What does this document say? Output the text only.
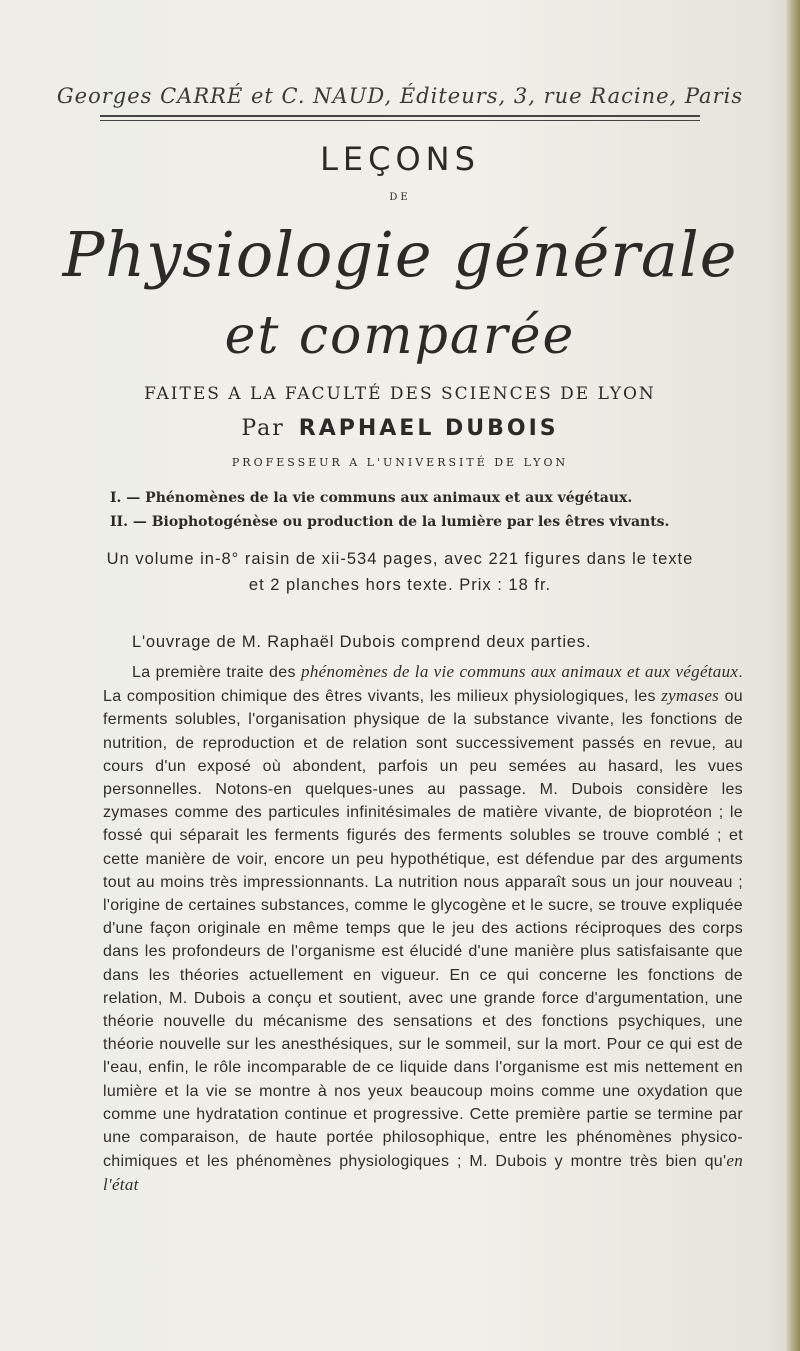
Georges CARRÉ et C. NAUD, Éditeurs, 3, rue Racine, Paris
LEÇONS
DE
Physiologie générale
et comparée
FAITES A LA FACULTÉ DES SCIENCES DE LYON
Par RAPHAEL DUBOIS
PROFESSEUR A L'UNIVERSITÉ DE LYON
I. — Phénomènes de la vie communs aux animaux et aux végétaux.
II. — Biophotogénèse ou production de la lumière par les êtres vivants.
Un volume in-8° raisin de xii-534 pages, avec 221 figures dans le texte
et 2 planches hors texte. Prix : 18 fr.
L'ouvrage de M. Raphaël Dubois comprend deux parties.
La première traite des phénomènes de la vie communs aux animaux et aux végétaux. La composition chimique des êtres vivants, les milieux physiologiques, les zymases ou ferments solubles, l'organisation physique de la substance vivante, les fonctions de nutrition, de reproduction et de relation sont successivement passés en revue, au cours d'un exposé où abondent, parfois un peu semées au hasard, les vues personnelles. Notons-en quelques-unes au passage. M. Dubois considère les zymases comme des particules infinitésimales de matière vivante, de bioprotéon ; le fossé qui séparait les ferments figurés des ferments solubles se trouve comblé ; et cette manière de voir, encore un peu hypothétique, est défendue par des arguments tout au moins très impressionnants. La nutrition nous apparaît sous un jour nouveau ; l'origine de certaines substances, comme le glycogène et le sucre, se trouve expliquée d'une façon originale en même temps que le jeu des actions réciproques des corps dans les profondeurs de l'organisme est élucidé d'une manière plus satisfaisante que dans les théories actuellement en vigueur. En ce qui concerne les fonctions de relation, M. Dubois a conçu et soutient, avec une grande force d'argumentation, une théorie nouvelle du mécanisme des sensations et des fonctions psychiques, une théorie nouvelle sur les anesthésiques, sur le sommeil, sur la mort. Pour ce qui est de l'eau, enfin, le rôle incomparable de ce liquide dans l'organisme est mis nettement en lumière et la vie se montre à nos yeux beaucoup moins comme une oxydation que comme une hydratation continue et progressive. Cette première partie se termine par une comparaison, de haute portée philosophique, entre les phénomènes physico-chimiques et les phénomènes physiologiques ; M. Dubois y montre très bien qu'en l'état
